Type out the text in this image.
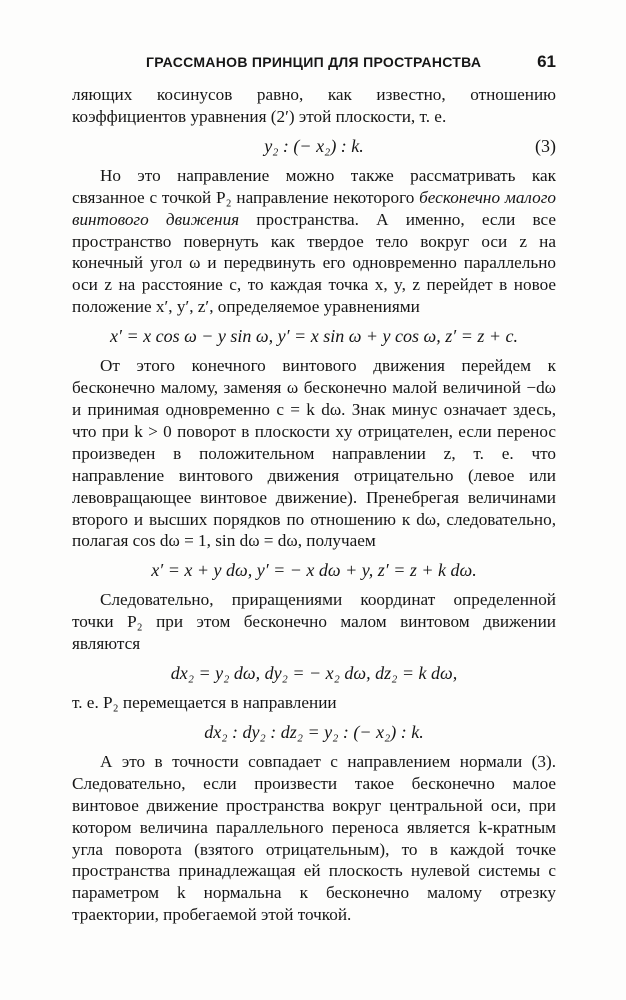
ГРАССМАНОВ ПРИНЦИП ДЛЯ ПРОСТРАНСТВА	61

ляющих косинусов равно, как известно, отношению коэффициентов уравнения (2′) этой плоскости, т. е.

y₂ : (− x₂) : k.	(3)

Но это направление можно также рассматривать как связанное с точкой P₂ направление некоторого бесконечно малого винтового движения пространства. А именно, если все пространство повернуть как твердое тело вокруг оси z на конечный угол ω и передвинуть его одновременно параллельно оси z на расстояние c, то каждая точка x, y, z перейдет в новое положение x′, y′, z′, определяемое уравнениями

x′ = x cos ω − y sin ω, y′ = x sin ω + y cos ω, z′ = z + c.

От этого конечного винтового движения перейдем к бесконечно малому, заменяя ω бесконечно малой величиной −dω и принимая одновременно c = k dω. Знак минус означает здесь, что при k > 0 поворот в плоскости xy отрицателен, если перенос произведен в положительном направлении z, т. е. что направление винтового движения отрицательно (левое или левовращающее винтовое движение). Пренебрегая величинами второго и высших порядков по отношению к dω, следовательно, полагая cos dω = 1, sin dω = dω, получаем

x′ = x + y dω, y′ = − x dω + y, z′ = z + k dω.

Следовательно, приращениями координат определенной точки P₂ при этом бесконечно малом винтовом движении являются

dx₂ = y₂ dω, dy₂ = − x₂ dω, dz₂ = k dω,

т. е. P₂ перемещается в направлении

dx₂ : dy₂ : dz₂ = y₂ : (− x₂) : k.

А это в точности совпадает с направлением нормали (3). Следовательно, если произвести такое бесконечно малое винтовое движение пространства вокруг центральной оси, при котором величина параллельного переноса является k-кратным угла поворота (взятого отрицательным), то в каждой точке пространства принадлежащая ей плоскость нулевой системы с параметром k нормальна к бесконечно малому отрезку траектории, пробегаемой этой точкой.
